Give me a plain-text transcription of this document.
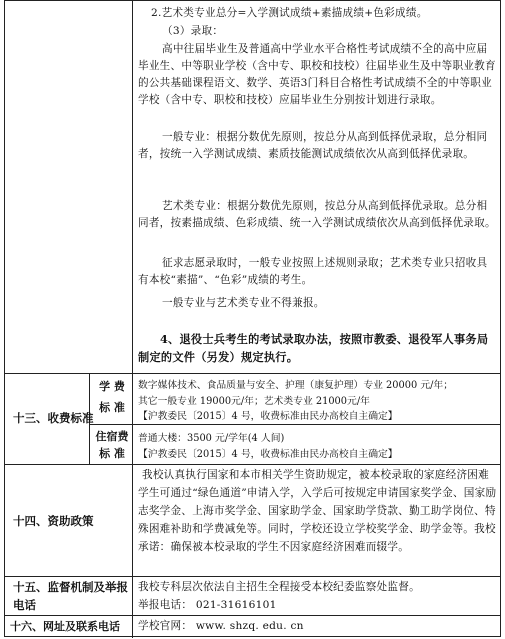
2.艺术类专业总分=入学测试成绩+素描成绩+色彩成绩。
（3）录取：
高中往届毕业生及普通高中学业水平合格性考试成绩不全的高中应届毕业生、中等职业学校（含中专、职校和技校）往届毕业生及中等职业教育的公共基础课程语文、数学、英语3门科目合格性考试成绩不全的中等职业学校（含中专、职校和技校）应届毕业生分别按计划进行录取。
一般专业：根据分数优先原则，按总分从高到低择优录取，总分相同者，按统一入学测试成绩、素质技能测试成绩依次从高到低择优录取。
艺术类专业：根据分数优先原则，按总分从高到低择优录取。总分相同者，按素描成绩、色彩成绩、统一入学测试成绩依次从高到低择优录取。
征求志愿录取时，一般专业按照上述规则录取；艺术类专业只招收具有本校“素描”、“色彩”成绩的考生。
一般专业与艺术类专业不得兼报。
4、退役士兵考生的考试录取办法，按照市教委、退役军人事务局制定的文件（另发）规定执行。
十三、收费标准
学 费
标 准
数字媒体技术、食品质量与安全、护理（康复护理）专业 20000 元/年；
其它一般专业 19000元/年；艺术类专业 21000元/年
【沪教委民〔2015〕4 号，收费标准由民办高校自主确定】
住宿费
标 准
普通大楼：3500 元/学年(4 人间)
【沪教委民〔2015〕4 号，收费标准由民办高校自主确定】
十四、资助政策
我校认真执行国家和本市相关学生资助规定，被本校录取的家庭经济困难学生可通过“绿色通道”申请入学，入学后可按规定申请国家奖学金、国家励志奖学金、上海市奖学金、国家助学金、国家助学贷款、勤工助学岗位、特殊困难补助和学费减免等。同时，学校还设立学校奖学金、助学金等。我校承诺：确保被本校录取的学生不因家庭经济困难而辍学。
十五、监督机制及举报
电话
我校专科层次依法自主招生全程接受本校纪委监察处监督。
举报电话： 021-31616101
十六、网址及联系电话 学校官网： www. shzq. edu. cn
